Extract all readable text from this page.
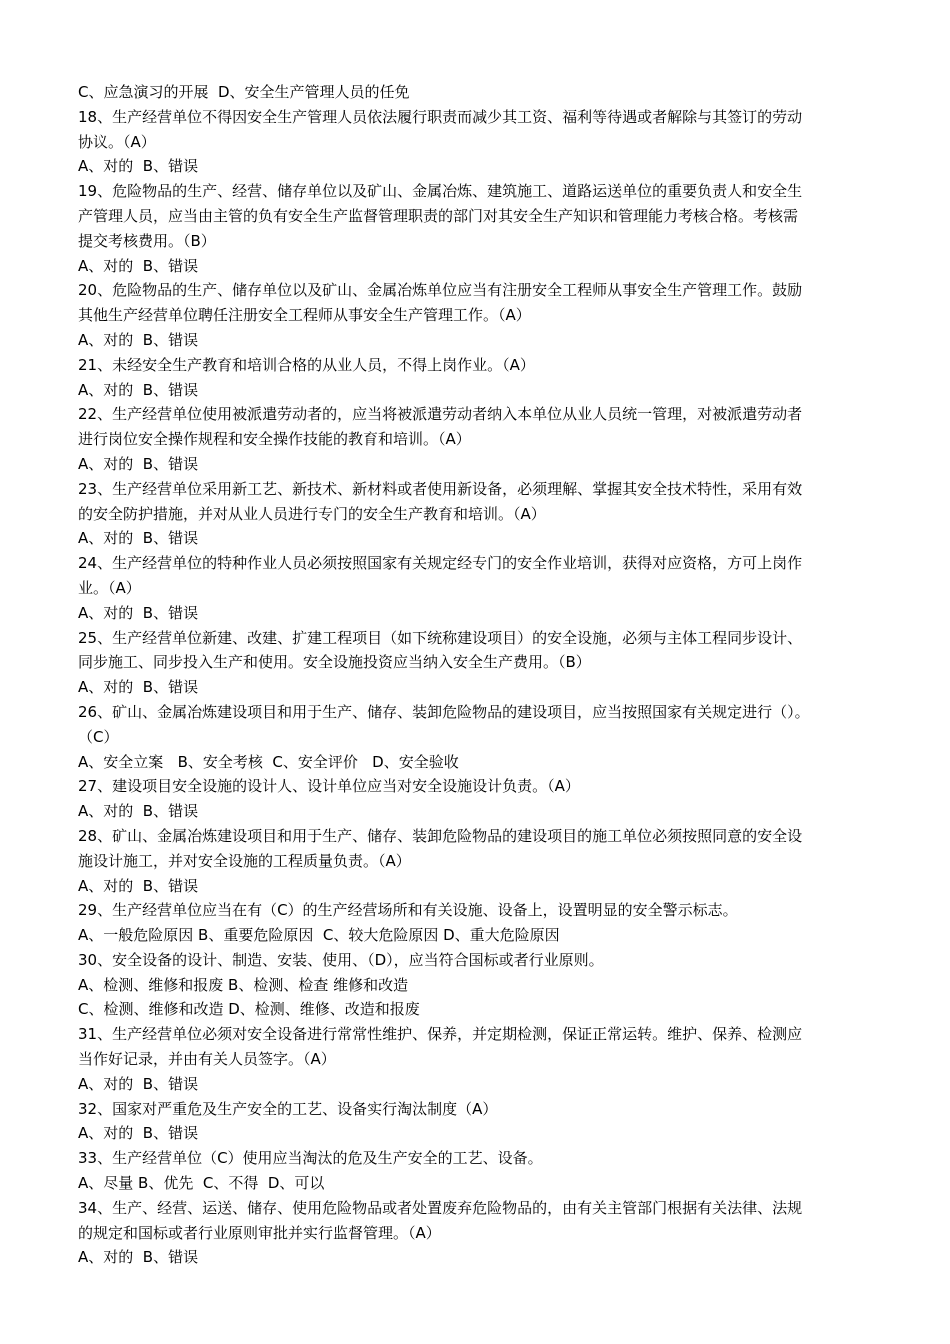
C、应急演习的开展  D、安全生产管理人员的任免
18、生产经营单位不得因安全生产管理人员依法履行职责而减少其工资、福利等待遇或者解除与其签订的劳动
协议。（A）
A、对的  B、错误
19、危险物品的生产、经营、储存单位以及矿山、金属冶炼、建筑施工、道路运送单位的重要负责人和安全生
产管理人员，应当由主管的负有安全生产监督管理职责的部门对其安全生产知识和管理能力考核合格。考核需
提交考核费用。（B）
A、对的  B、错误
20、危险物品的生产、储存单位以及矿山、金属冶炼单位应当有注册安全工程师从事安全生产管理工作。鼓励
其他生产经营单位聘任注册安全工程师从事安全生产管理工作。（A）
A、对的  B、错误
21、未经安全生产教育和培训合格的从业人员，不得上岗作业。（A）
A、对的  B、错误
22、生产经营单位使用被派遣劳动者的，应当将被派遣劳动者纳入本单位从业人员统一管理，对被派遣劳动者
进行岗位安全操作规程和安全操作技能的教育和培训。（A）
A、对的  B、错误
23、生产经营单位采用新工艺、新技术、新材料或者使用新设备，必须理解、掌握其安全技术特性，采用有效
的安全防护措施，并对从业人员进行专门的安全生产教育和培训。（A）
A、对的  B、错误
24、生产经营单位的特种作业人员必须按照国家有关规定经专门的安全作业培训，获得对应资格，方可上岗作
业。（A）
A、对的  B、错误
25、生产经营单位新建、改建、扩建工程项目（如下统称建设项目）的安全设施，必须与主体工程同步设计、
同步施工、同步投入生产和使用。安全设施投资应当纳入安全生产费用。（B）
A、对的  B、错误
26、矿山、金属冶炼建设项目和用于生产、储存、装卸危险物品的建设项目，应当按照国家有关规定进行（）。
（C）
A、安全立案   B、安全考核  C、安全评价   D、安全验收
27、建设项目安全设施的设计人、设计单位应当对安全设施设计负责。（A）
A、对的  B、错误
28、矿山、金属冶炼建设项目和用于生产、储存、装卸危险物品的建设项目的施工单位必须按照同意的安全设
施设计施工，并对安全设施的工程质量负责。（A）
A、对的  B、错误
29、生产经营单位应当在有（C）的生产经营场所和有关设施、设备上，设置明显的安全警示标志。
A、一般危险原因 B、重要危险原因  C、较大危险原因 D、重大危险原因
30、安全设备的设计、制造、安装、使用、（D），应当符合国标或者行业原则。
A、检测、维修和报废 B、检测、检查 维修和改造
C、检测、维修和改造 D、检测、维修、改造和报废
31、生产经营单位必须对安全设备进行常常性维护、保养，并定期检测，保证正常运转。维护、保养、检测应
当作好记录，并由有关人员签字。（A）
A、对的  B、错误
32、国家对严重危及生产安全的工艺、设备实行淘汰制度（A）
A、对的  B、错误
33、生产经营单位（C）使用应当淘汰的危及生产安全的工艺、设备。
A、尽量 B、优先  C、不得  D、可以
34、生产、经营、运送、储存、使用危险物品或者处置废弃危险物品的，由有关主管部门根据有关法律、法规
的规定和国标或者行业原则审批并实行监督管理。（A）
A、对的  B、错误
